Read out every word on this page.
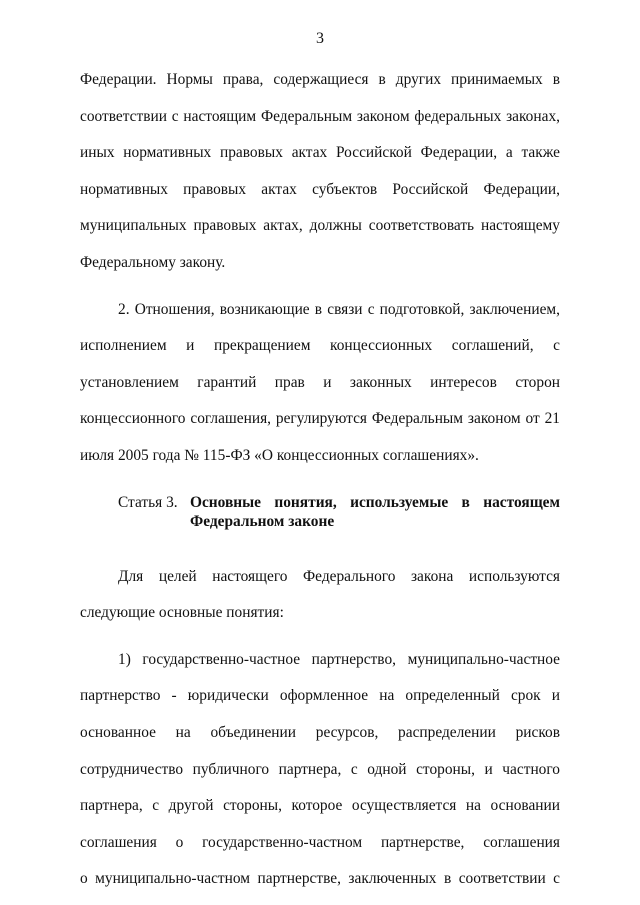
3
Федерации. Нормы права, содержащиеся в других принимаемых в
соответствии с настоящим Федеральным законом федеральных законах,
иных нормативных правовых актах Российской Федерации, а также
нормативных правовых актах субъектов Российской Федерации,
муниципальных правовых актах, должны соответствовать настоящему
Федеральному закону.
2. Отношения, возникающие в связи с подготовкой, заключением,
исполнением и прекращением концессионных соглашений, с
установлением гарантий прав и законных интересов сторон
концессионного соглашения, регулируются Федеральным законом от 21
июля 2005 года № 115-ФЗ «О концессионных соглашениях».
Статья 3. Основные понятия, используемые в настоящем
Федеральном законе
Для целей настоящего Федерального закона используются
следующие основные понятия:
1) государственно-частное партнерство, муниципально-частное
партнерство - юридически оформленное на определенный срок и
основанное на объединении ресурсов, распределении рисков
сотрудничество публичного партнера, с одной стороны, и частного
партнера, с другой стороны, которое осуществляется на основании
соглашения о государственно-частном партнерстве, соглашения
о муниципально-частном партнерстве, заключенных в соответствии с
